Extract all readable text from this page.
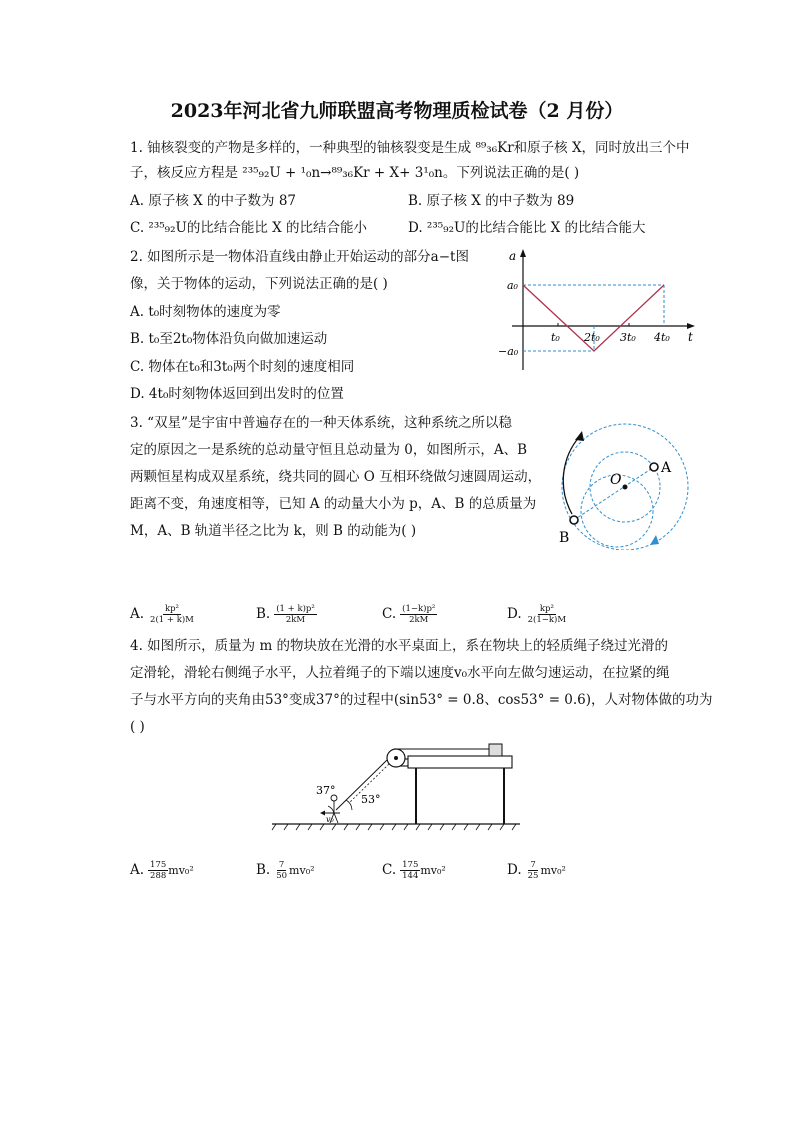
2023年河北省九师联盟高考物理质检试卷（2 月份）
1. 铀核裂变的产物是多样的，一种典型的铀核裂变是生成 ⁸⁹₃₆Kr和原子核 X，同时放出三个中
子，核反应方程是 ²³⁵₉₂U + ¹₀n→⁸⁹₃₆Kr + X+ 3¹₀n。下列说法正确的是( )
A. 原子核 X 的中子数为 87	B. 原子核 X 的中子数为 89
C. ²³⁵₉₂U的比结合能比 X 的比结合能小	D. ²³⁵₉₂U的比结合能比 X 的比结合能大
2. 如图所示是一物体沿直线由静止开始运动的部分a−t图
像，关于物体的运动，下列说法正确的是( )
A. t₀时刻物体的速度为零
B. t₀至2t₀物体沿负向做加速运动
C. 物体在t₀和3t₀两个时刻的速度相同
D. 4t₀时刻物体返回到出发时的位置
a
a₀
−a₀
t₀ 2t₀ 3t₀ 4t₀ t
3. “双星”是宇宙中普遍存在的一种天体系统，这种系统之所以稳
定的原因之一是系统的总动量守恒且总动量为 0，如图所示，A、B
两颗恒星构成双星系统，绕共同的圆心 O 互相环绕做匀速圆周运动，
距离不变，角速度相等，已知 A 的动量大小为 p，A、B 的总质量为
M，A、B 轨道半径之比为 k，则 B 的动能为( )
O
A
B
A. $\frac{\text{kp²}}{2(1 + k)M}$	B. $\frac{\text{(1 + k)p²}}{2kM}$	C. $\frac{\text{(1−k)p²}}{2kM}$	D. $\frac{\text{kp²}}{2(1-k)M}$
4. 如图所示，质量为 m 的物块放在光滑的水平桌面上，系在物块上的轻质绳子绕过光滑的
定滑轮，滑轮右侧绳子水平，人拉着绳子的下端以速度v₀水平向左做匀速运动，在拉紧的绳
子与水平方向的夹角由53°变成37°的过程中(sin53° = 0.8、cos53° = 0.6)，人对物体做的功为
( )
37°
53°
v₀
A. $\frac{175}{288} mv_0^2$	B. $\frac{7}{50} mv_0^2$	C. $\frac{175}{144} mv_0^2$	D. $\frac{7}{25} mv_0^2$
